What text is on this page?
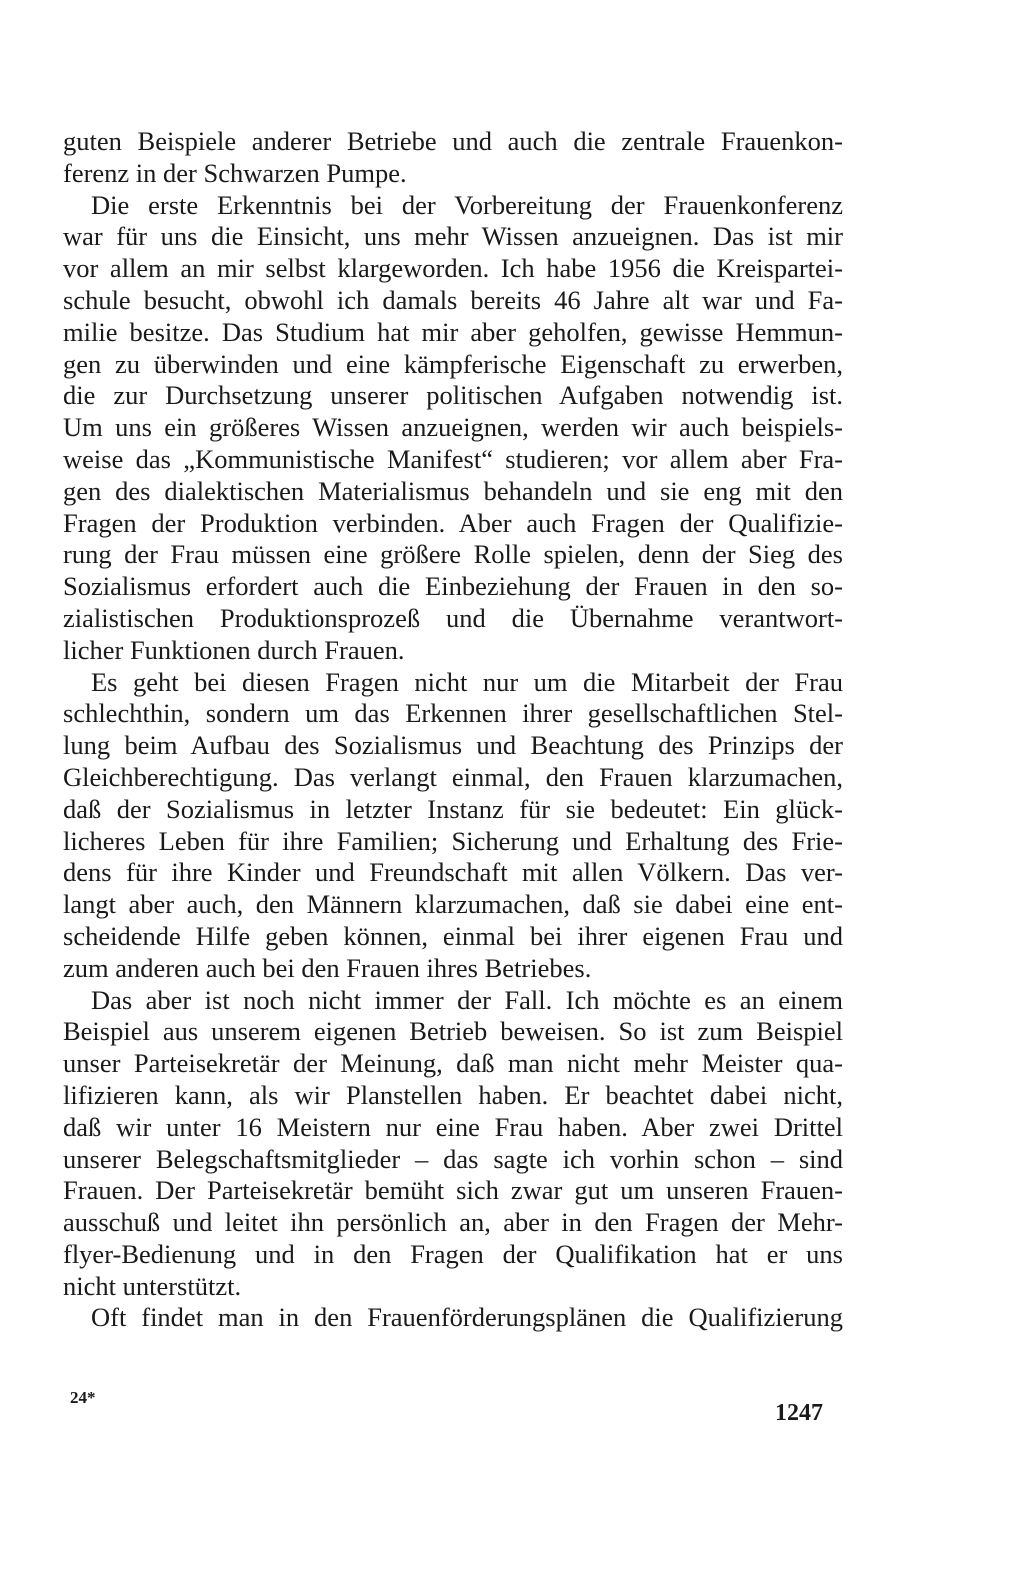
guten Beispiele anderer Betriebe und auch die zentrale Frauenkon-
ferenz in der Schwarzen Pumpe.
Die erste Erkenntnis bei der Vorbereitung der Frauenkonferenz
war für uns die Einsicht, uns mehr Wissen anzueignen. Das ist mir
vor allem an mir selbst klargeworden. Ich habe 1956 die Kreispartei-
schule besucht, obwohl ich damals bereits 46 Jahre alt war und Fa-
milie besitze. Das Studium hat mir aber geholfen, gewisse Hemmun-
gen zu überwinden und eine kämpferische Eigenschaft zu erwerben,
die zur Durchsetzung unserer politischen Aufgaben notwendig ist.
Um uns ein größeres Wissen anzueignen, werden wir auch beispiels-
weise das „Kommunistische Manifest“ studieren; vor allem aber Fra-
gen des dialektischen Materialismus behandeln und sie eng mit den
Fragen der Produktion verbinden. Aber auch Fragen der Qualifizie-
rung der Frau müssen eine größere Rolle spielen, denn der Sieg des
Sozialismus erfordert auch die Einbeziehung der Frauen in den so-
zialistischen Produktionsprozeß und die Übernahme verantwort-
licher Funktionen durch Frauen.
Es geht bei diesen Fragen nicht nur um die Mitarbeit der Frau
schlechthin, sondern um das Erkennen ihrer gesellschaftlichen Stel-
lung beim Aufbau des Sozialismus und Beachtung des Prinzips der
Gleichberechtigung. Das verlangt einmal, den Frauen klarzumachen,
daß der Sozialismus in letzter Instanz für sie bedeutet: Ein glück-
licheres Leben für ihre Familien; Sicherung und Erhaltung des Frie-
dens für ihre Kinder und Freundschaft mit allen Völkern. Das ver-
langt aber auch, den Männern klarzumachen, daß sie dabei eine ent-
scheidende Hilfe geben können, einmal bei ihrer eigenen Frau und
zum anderen auch bei den Frauen ihres Betriebes.
Das aber ist noch nicht immer der Fall. Ich möchte es an einem
Beispiel aus unserem eigenen Betrieb beweisen. So ist zum Beispiel
unser Parteisekretär der Meinung, daß man nicht mehr Meister qua-
lifizieren kann, als wir Planstellen haben. Er beachtet dabei nicht,
daß wir unter 16 Meistern nur eine Frau haben. Aber zwei Drittel
unserer Belegschaftsmitglieder – das sagte ich vorhin schon – sind
Frauen. Der Parteisekretär bemüht sich zwar gut um unseren Frauen-
ausschuß und leitet ihn persönlich an, aber in den Fragen der Mehr-
flyer-Bedienung und in den Fragen der Qualifikation hat er uns
nicht unterstützt.
Oft findet man in den Frauenförderungsplänen die Qualifizierung
24*
1247
